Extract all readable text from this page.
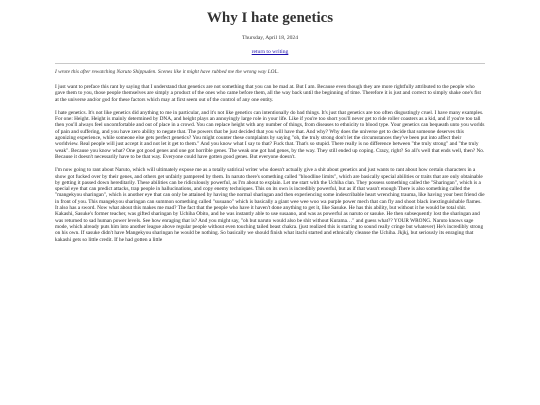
Why I hate genetics
Thursday, April 18, 2024
return to writing

I wrote this after rewatching Naruto Shippuden. Scenes like it might have rubbed me the wrong way LOL.

I just want to preface this rant by saying that I understand that genetics are not something that you can be mad at. But I am. Because even though they are more rightfully attributed to the people who gave them to you, those people themselves are simply a product of the ones who came before them, all the way back until the beginning of time. Therefore it is just and correct to simply shake one's fist at the universe and/or god for these factors which may at first seem out of the control of any one entity.

I hate genetics. It's not like genetics did anything to me in particular, and it's not like genetics can intentionally do bad things. It's just that genetics are too often disgustingly cruel. I have many examples. For one: Height. Height is mainly determined by DNA, and height plays an annoyingly large role in your life. Like if you're too short you'll never get to ride roller coasters as a kid, and if you're too tall then you'll always feel uncomfortable and out of place in a crowd. You can replace height with any number of things, from diseases to ethnicity to blood type. Your genetics can bequeath unto you worlds of pain and suffering, and you have zero ability to negate that. The powers that be just decided that you will have that. And why? Why does the universe get to decide that someone deserves this agonizing experience, while someone else gets perfect genetics? You might counter these complaints by saying "oh, the truly strong don't let the circumstances they've been put into affect their worldview. Real people will just accept it and not let it get to them." And you know what I say to that? Fuck that. That's so stupid. There really is no difference between "the truly strong" and "the truly weak". Because you know what? One got good genes and one got horrible genes. The weak one got bad genes, by the way. They still ended up coping. Crazy, right? So all's well that ends well, then? No. Because it doesn't necessarily have to be that way. Everyone could have gotten good genes. But everyone doesn't.

I'm now going to rant about Naruto, which will ultimately expose me as a totally satirical writer who doesn't actually give a shit about genetics and just wants to rant about how certain characters in a show got fucked over by their genes, and others get unfairly pampered by them. In naruto there's something called "bloodline limits", which are basically special abilities or traits that are only obtainable by getting it passed down hereditarily. These abilities can be ridiculously powerful, as I'm about to explain. Let me start with the Uchiha clan. They possess something called the "Sharingan", which is a special eye that can predict attacks, trap people in hallucinations, and copy enemy techniques. This on its own is incredibly powerful, but as if that wasn't enough There is also something called the "mangekyou sharingan", which is another eye that can only be attained by having the normal sharingan and then experiencing some indescribable heart wrenching trauma, like having your best friend die in front of you. This mangekyou sharingan can summon something called "susuano" which is basically a giant wee wee woo wa purple power mech that can fly and shoot black inextinguishable flames. It also has a sword. Now what about this makes me mad? The fact that the people who have it haven't done anything to get it, like Sasuke. He has this ability, but without it he would be total shit. Kakashi, Sasuke's former teacher, was gifted sharingan by Uchiha Obito, and he was instantly able to use susaano, and was as powerful as naruto or sasuke. He then subsequently lost the sharingan and was returned to sad human power levels. See how enraging that is? And you might say, "oh but naruto would also be shit without Kurama…" and guess what?? YOUR WRONG. Naruto knows sage mode, which already puts him into another league above regular people without even touching tailed beast chakra. (just realized this is starting to sound really cringe but whatever) He's incredibly strong on his own. If sasuke didn't have Mangekyou sharingan he would be nothing. So basically we should finish what itachi started and ethnically cleanse the Uchiha. Jkjkj, but seriously its enraging that kakashi gets so little credit. If he had gotten a little
